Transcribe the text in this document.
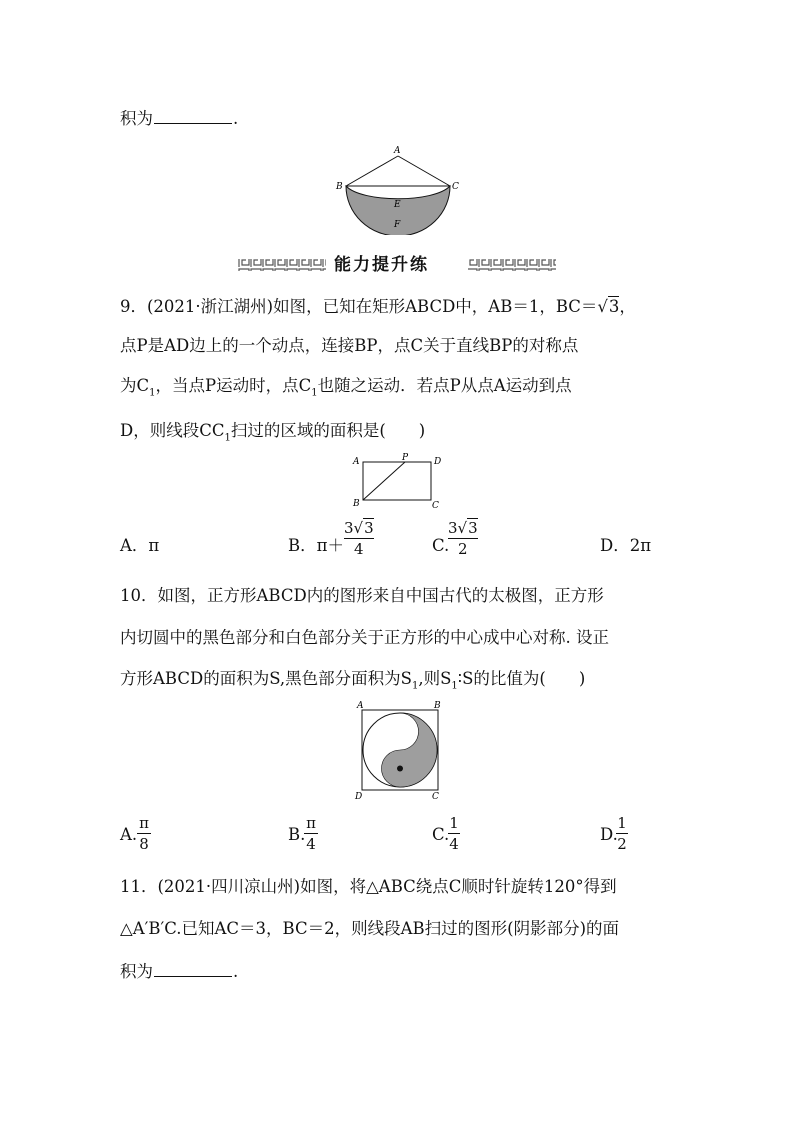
积为	.
A
B	C
E
F
能力提升练
9．(2021·浙江湖州)如图，已知在矩形ABCD中，AB＝1，BC＝√3，
点P是AD边上的一个动点，连接BP，点C关于直线BP的对称点
为$C_1$，当点P运动时，点$C_1$也随之运动．若点P从点A运动到点
D，则线段$CC_1$扫过的区域的面积是(　　)
A	P	D
B	C
A．π	B．π＋
3√3
4	C.
3√3
2	D．2π
10．如图，正方形ABCD内的图形来自中国古代的太极图，正方形
内切圆中的黑色部分和白色部分关于正方形的中心成中心对称. 设正
方形ABCD的面积为S,黑色部分面积为$S_1$,则$S_1∶S$的比值为(　　)
A	B
D	C
A.
π
8	B.
π
4	C.
1
4	D.
1
2
11．(2021·四川凉山州)如图，将△ABC绕点C顺时针旋转120°得到
△A′B′C.已知AC＝3，BC＝2，则线段AB扫过的图形(阴影部分)的面
积为	.
